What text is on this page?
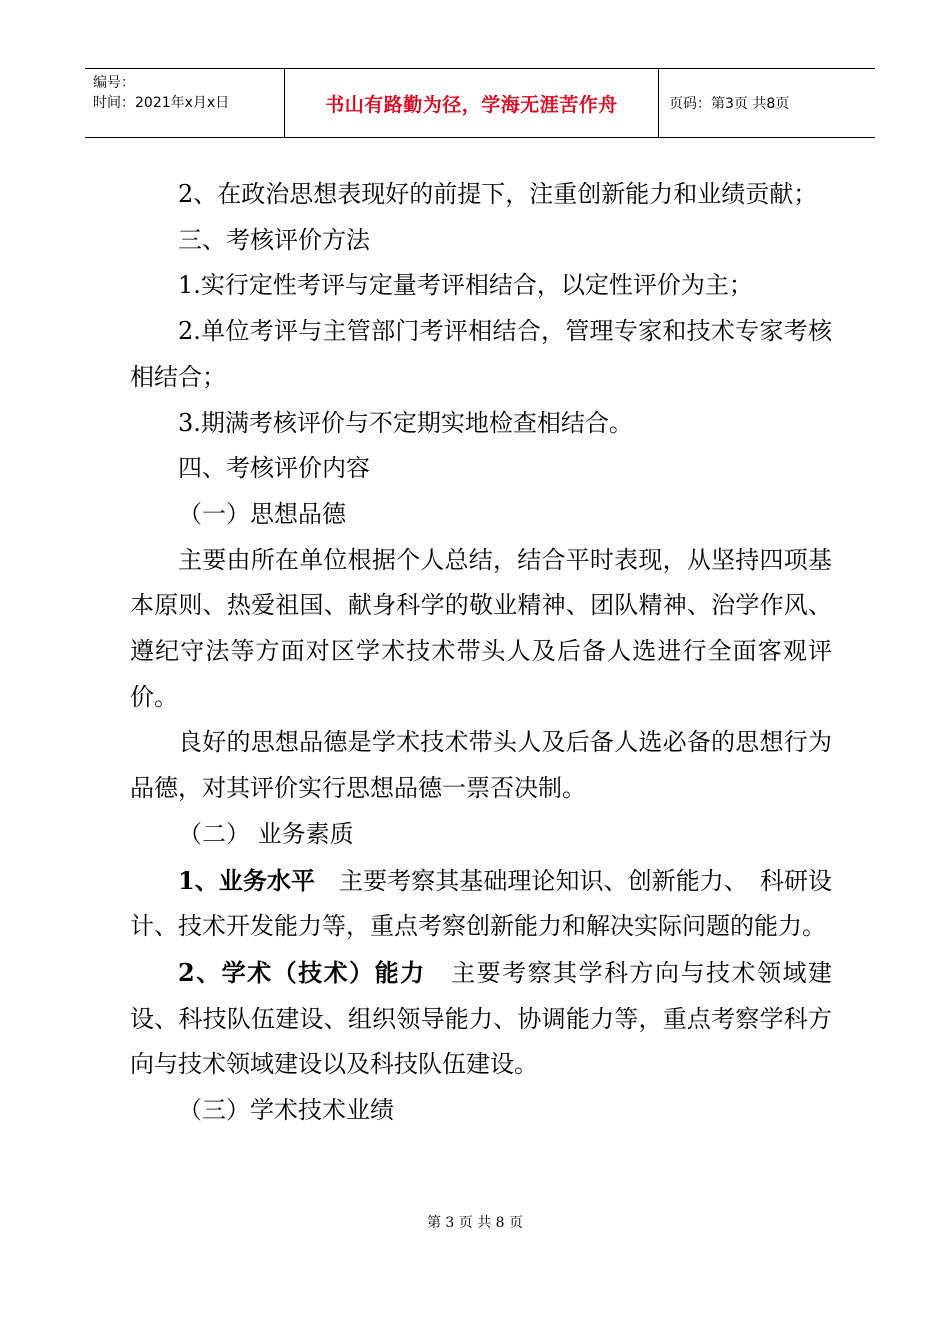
编号：
时间：2021年x月x日	书山有路勤为径，学海无涯苦作舟	页码：第3页 共8页

2、在政治思想表现好的前提下，注重创新能力和业绩贡献；

三、考核评价方法

1.实行定性考评与定量考评相结合，以定性评价为主；

2.单位考评与主管部门考评相结合，管理专家和技术专家考核相结合；

3.期满考核评价与不定期实地检查相结合。

四、考核评价内容

（一）思想品德

主要由所在单位根据个人总结，结合平时表现，从坚持四项基本原则、热爱祖国、献身科学的敬业精神、团队精神、治学作风、遵纪守法等方面对区学术技术带头人及后备人选进行全面客观评价。

良好的思想品德是学术技术带头人及后备人选必备的思想行为品德，对其评价实行思想品德一票否决制。

（二） 业务素质

1、业务水平　主要考察其基础理论知识、创新能力、　科研设计、技术开发能力等，重点考察创新能力和解决实际问题的能力。

2、学术（技术）能力　主要考察其学科方向与技术领域建设、科技队伍建设、组织领导能力、协调能力等，重点考察学科方向与技术领域建设以及科技队伍建设。

（三）学术技术业绩

第 3 页 共 8 页
